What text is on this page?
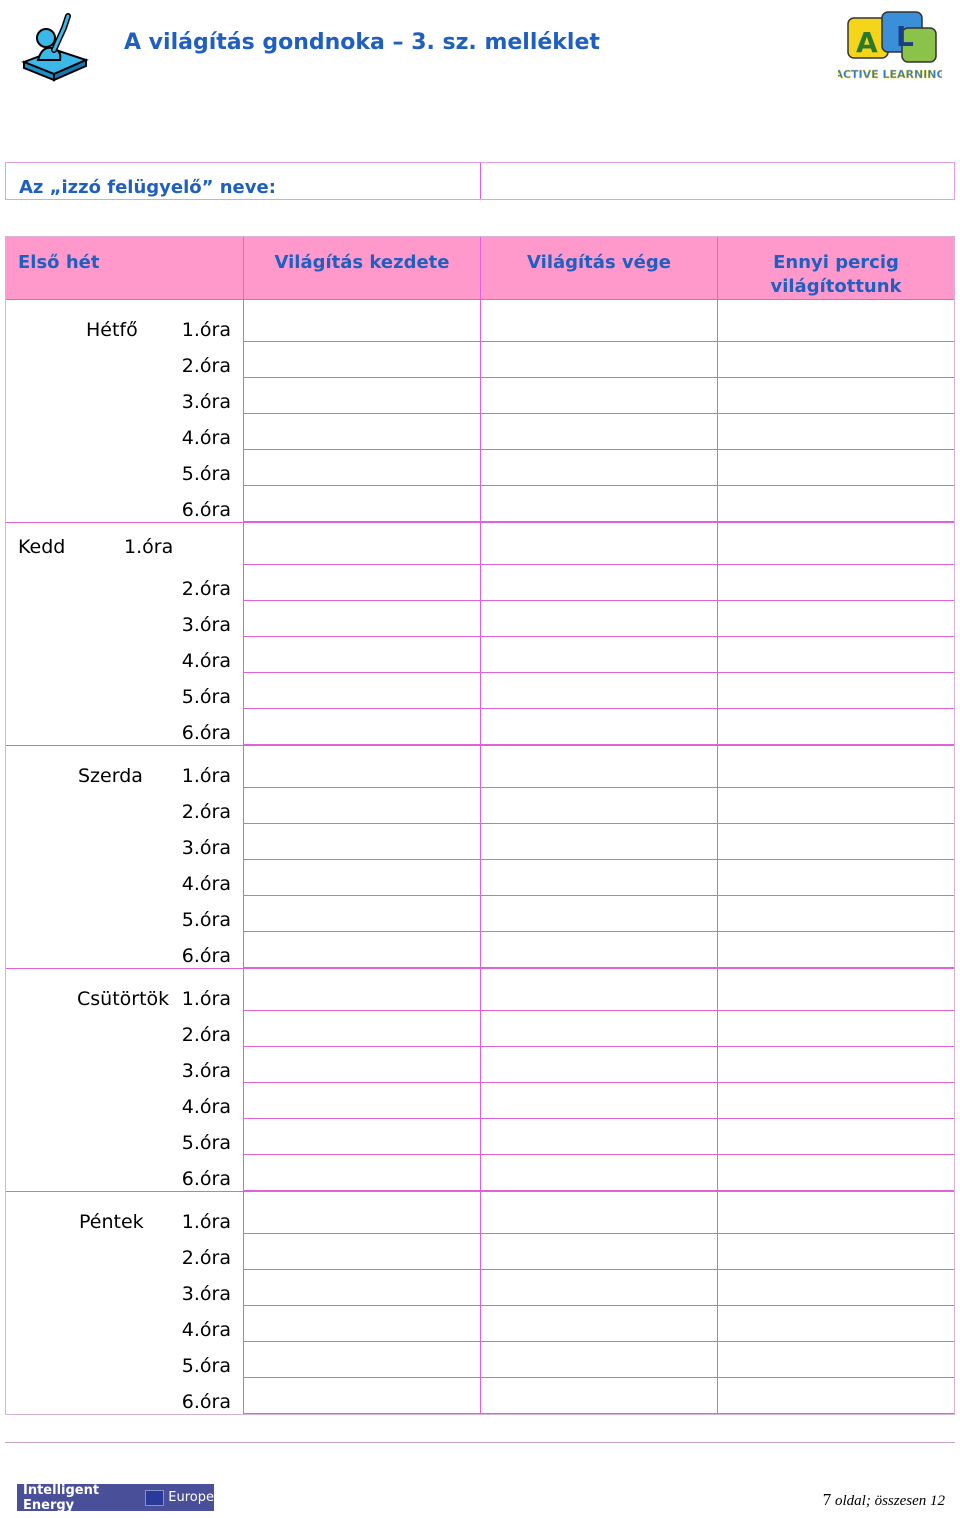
A világítás gondnoka – 3. sz. melléklet	A L
ACTIVE LEARNING
Az „izzó felügyelő” neve:
Első hét	Világítás kezdete	Világítás vége	Ennyi percig világítottunk
Hétfő 1.óra
2.óra
3.óra
4.óra
5.óra
6.óra
Kedd	1.óra
2.óra
3.óra
4.óra
5.óra
6.óra
Szerda 1.óra
2.óra
3.óra
4.óra
5.óra
6.óra
Csütörtök 1.óra
2.óra
3.óra
4.óra
5.óra
6.óra
Péntek 1.óra
2.óra
3.óra
4.óra
5.óra
6.óra
Intelligent Energy	Europe	7 oldal; összesen 12
